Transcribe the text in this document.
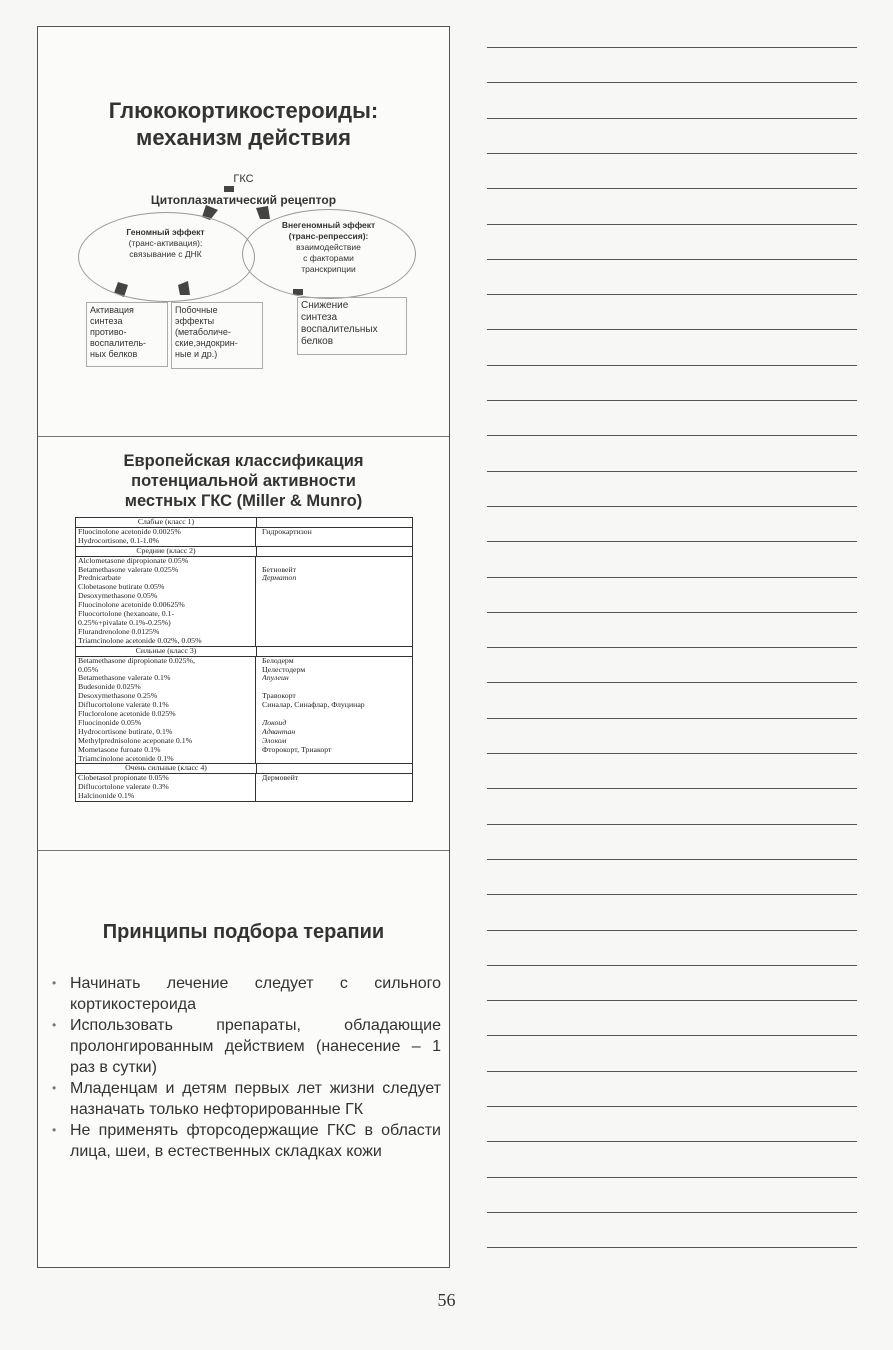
Глюкокортикостероиды:
механизм действия
ГКС
Цитоплазматический рецептор
Геномный эффект
(транс-активация):
связывание с ДНК
Внегеномный эффект
(транс-репрессия):
взаимодействие
с факторами
транскрипции
Активация
синтеза
противо-
воспалитель-
ных белков
Побочные
эффекты
(метаболиче-
ские,эндокрин-
ные и др.)
Снижение
синтеза
воспалительных
белков
Европейская классификация
потенциальной активности
местных ГКС (Miller & Munro)
Слабые (класс 1)
Fluocinolone acetonide 0.0025%
Hydrocortisone, 0.1-1.0%
Гидрокартизон
Средние (класс 2)
Alclometasone dipropionate 0.05%
Betamethasone valerate 0.025%
Prednicarbate
Clobetasone butirate 0.05%
Desoxymethasone 0.05%
Fluocinolone acetonide 0.00625%
Fluocortolone (hexanoate, 0.1-
0.25%+pivalate 0.1%-0.25%)
Flurandrenolone 0.0125%
Triamcinolone acetonide 0.02%, 0.05%

Бетновейт
Дерматоп
Сильные (класс 3)
Betamethasone dipropionate 0.025%,
0.05%
Betamethasone valerate 0.1%
Budesonide 0.025%
Desoxymethasone 0.25%
Diflucortolone valerate 0.1%
Fluclorolone acetonide 0.025%
Fluocinonide 0.05%
Hydrocortisone butirate, 0.1%
Methylprednisolone aceponate 0.1%
Mometasone furoate 0.1%
Triamcinolone acetonide 0.1%
Белодерм
Целестодерм
Апулеин

Травокорт
Синалар, Синафлар, Флуцинар

Локоид
Адвантан
Элоком
Фторокорт, Триакорт
Очень сильные (класс 4)
Clobetasol propionate 0.05%
Diflucortolone valerate 0.3%
Halcinonide 0.1%
Дермовейт
Принципы подбора терапии
• Начинать лечение следует с сильного кортикостероида
• Использовать препараты, обладающие пролонгированным действием (нанесение – 1 раз в сутки)
• Младенцам и детям первых лет жизни следует назначать только нефторированные ГК
• Не применять фторсодержащие ГКС в области лица, шеи, в естественных складках кожи
56
